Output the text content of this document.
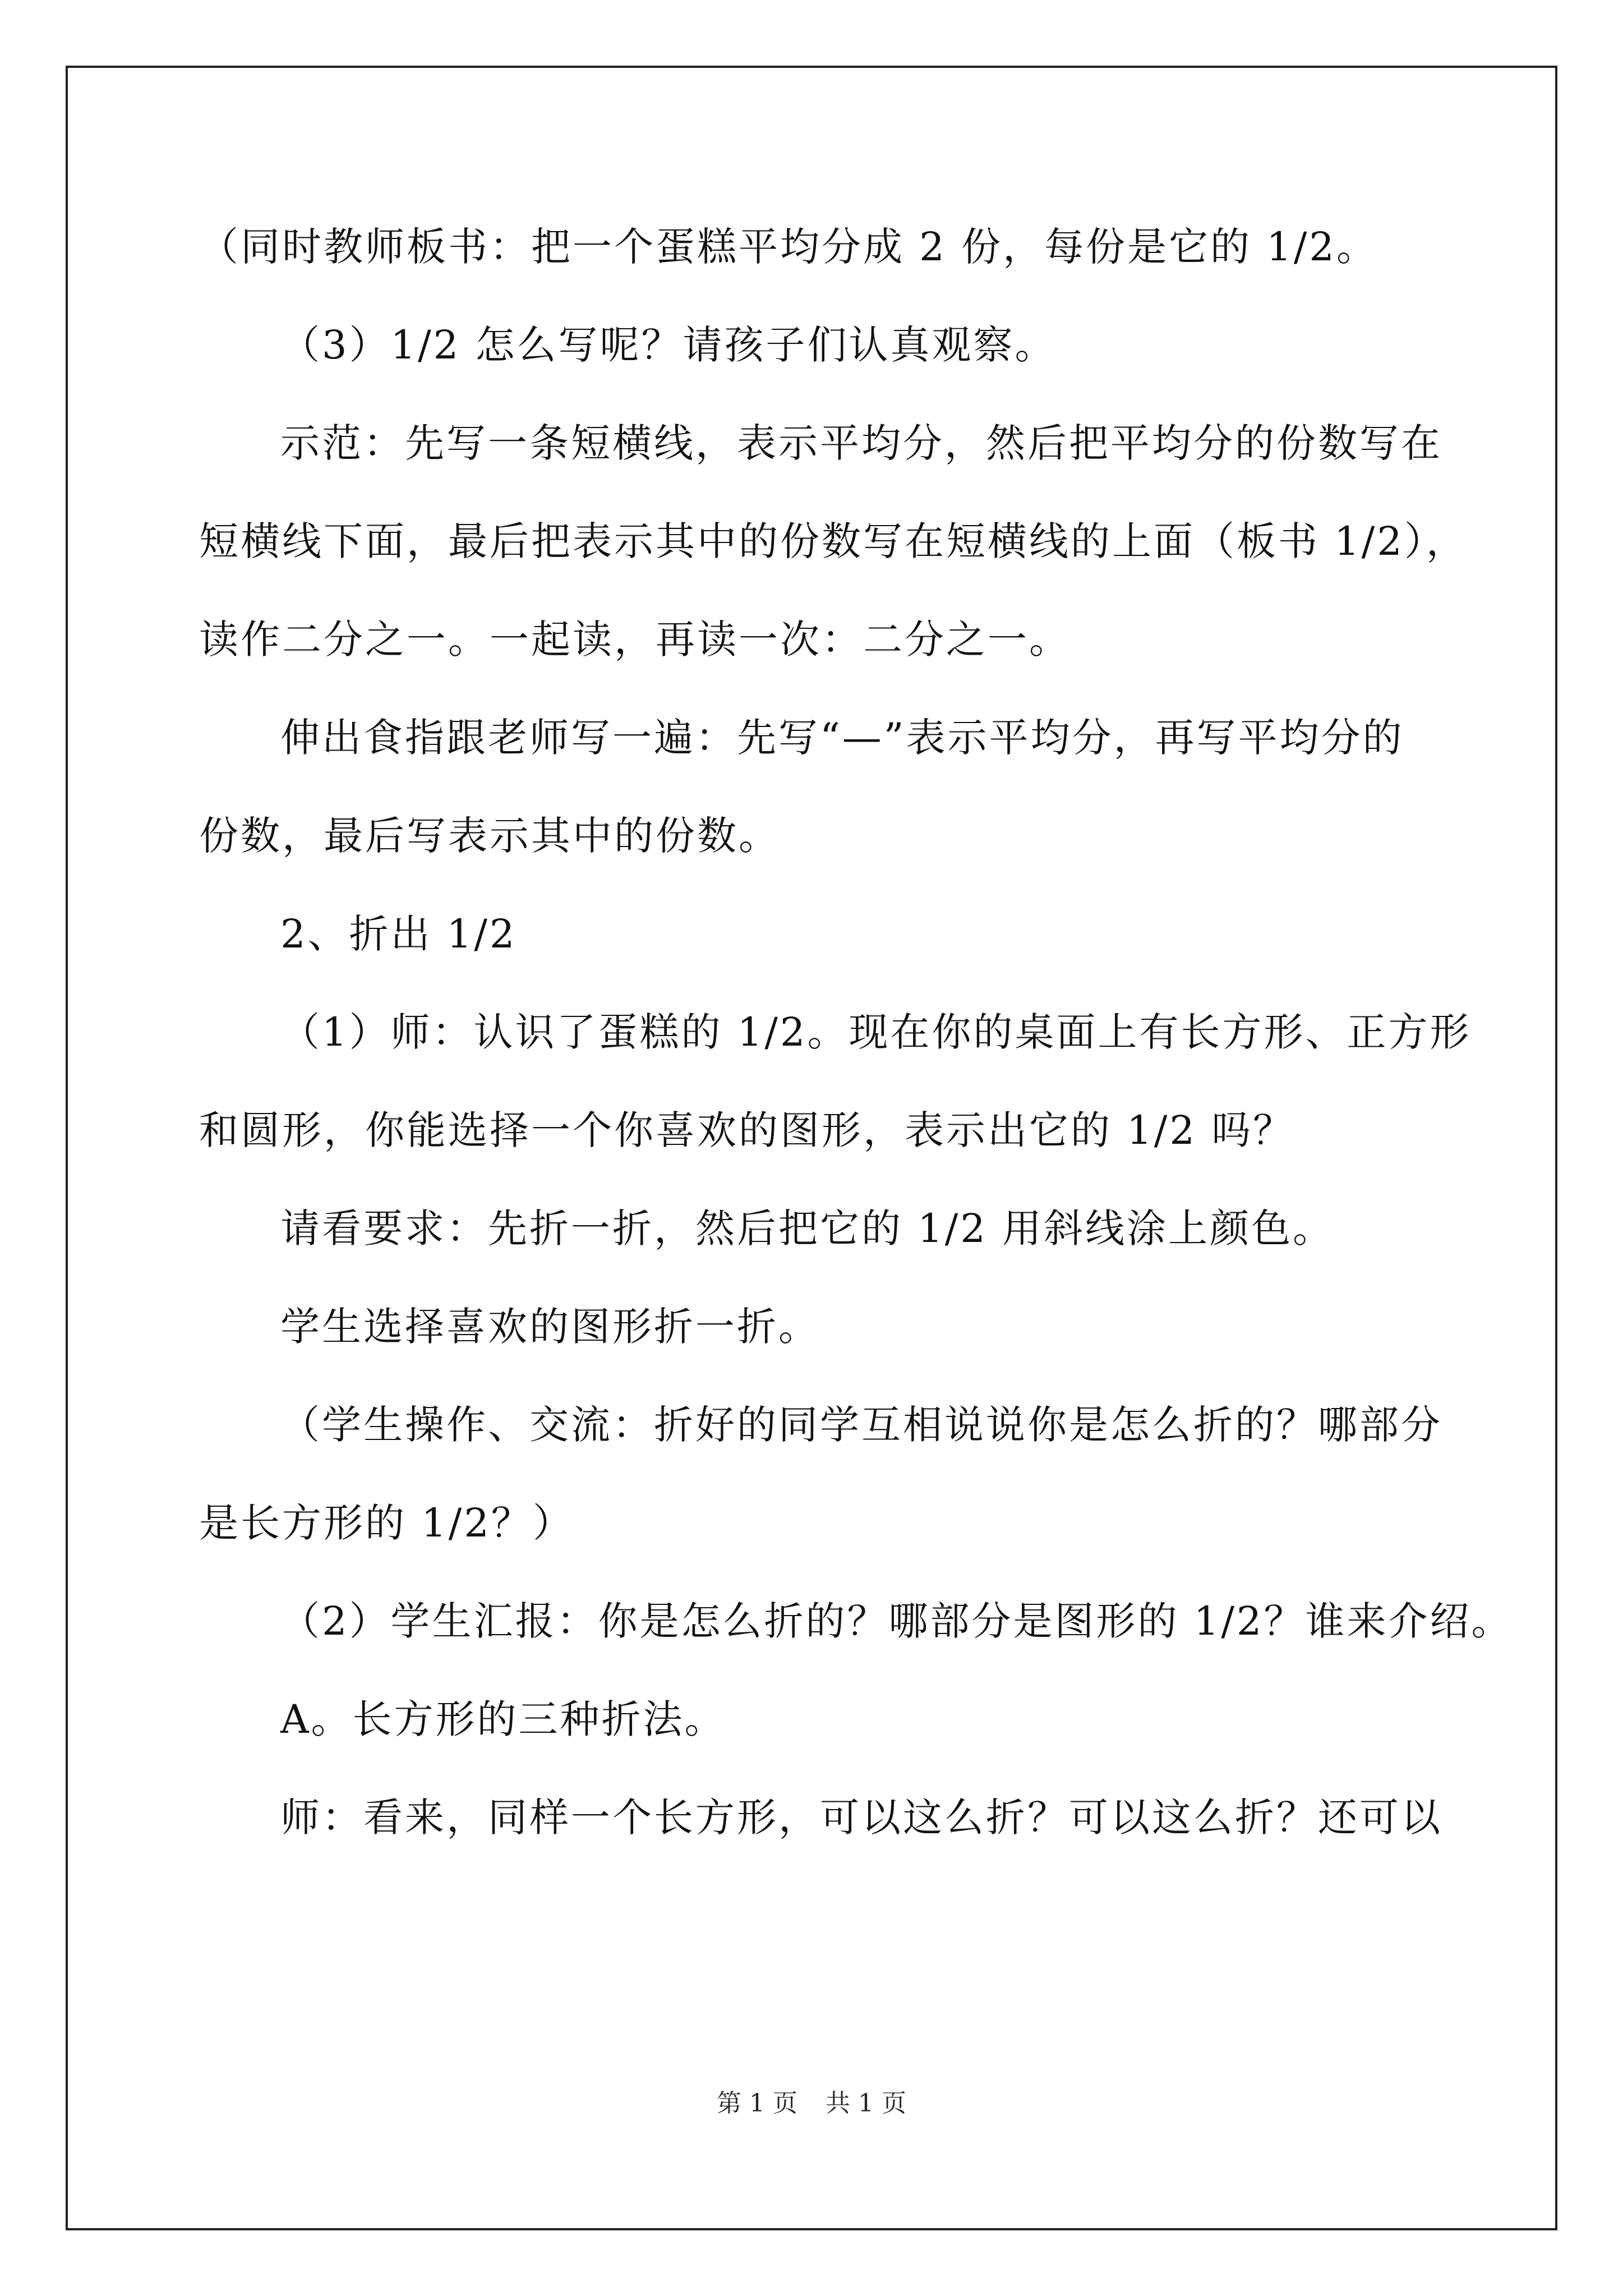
（同时教师板书：把一个蛋糕平均分成 2 份，每份是它的 1/2。
（3）1/2 怎么写呢？请孩子们认真观察。
示范：先写一条短横线，表示平均分，然后把平均分的份数写在
短横线下面，最后把表示其中的份数写在短横线的上面（板书 1/2），
读作二分之一。一起读，再读一次：二分之一。
伸出食指跟老师写一遍：先写“—”表示平均分，再写平均分的
份数，最后写表示其中的份数。
2、折出 1/2
（1）师：认识了蛋糕的 1/2。现在你的桌面上有长方形、正方形
和圆形，你能选择一个你喜欢的图形，表示出它的 1/2 吗？
请看要求：先折一折，然后把它的 1/2 用斜线涂上颜色。
学生选择喜欢的图形折一折。
（学生操作、交流：折好的同学互相说说你是怎么折的？哪部分
是长方形的 1/2？）
（2）学生汇报：你是怎么折的？哪部分是图形的 1/2？谁来介绍。
A。长方形的三种折法。
师：看来，同样一个长方形，可以这么折？可以这么折？还可以
第 1 页 共 1 页
